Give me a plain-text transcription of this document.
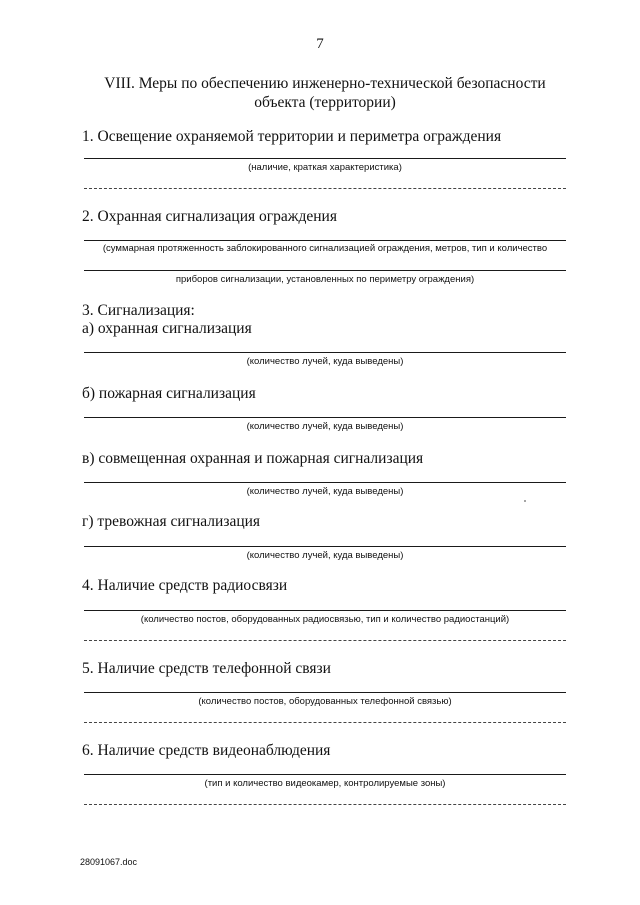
7
VIII. Меры по обеспечению инженерно-технической безопасности
объекта (территории)
1. Освещение охраняемой территории и периметра ограждения
(наличие, краткая характеристика)
2. Охранная сигнализация ограждения
(суммарная протяженность заблокированного сигнализацией ограждения, метров, тип и количество
приборов сигнализации, установленных по периметру ограждения)
3. Сигнализация:
а) охранная сигнализация
(количество лучей, куда выведены)
б) пожарная сигнализация
(количество лучей, куда выведены)
в) совмещенная охранная и пожарная сигнализация
(количество лучей, куда выведены)
г) тревожная сигнализация
(количество лучей, куда выведены)
4. Наличие средств радиосвязи
(количество постов, оборудованных радиосвязью, тип и количество радиостанций)
5. Наличие средств телефонной связи
(количество постов, оборудованных телефонной связью)
6. Наличие средств видеонаблюдения
(тип и количество видеокамер, контролируемые зоны)
28091067.doc
